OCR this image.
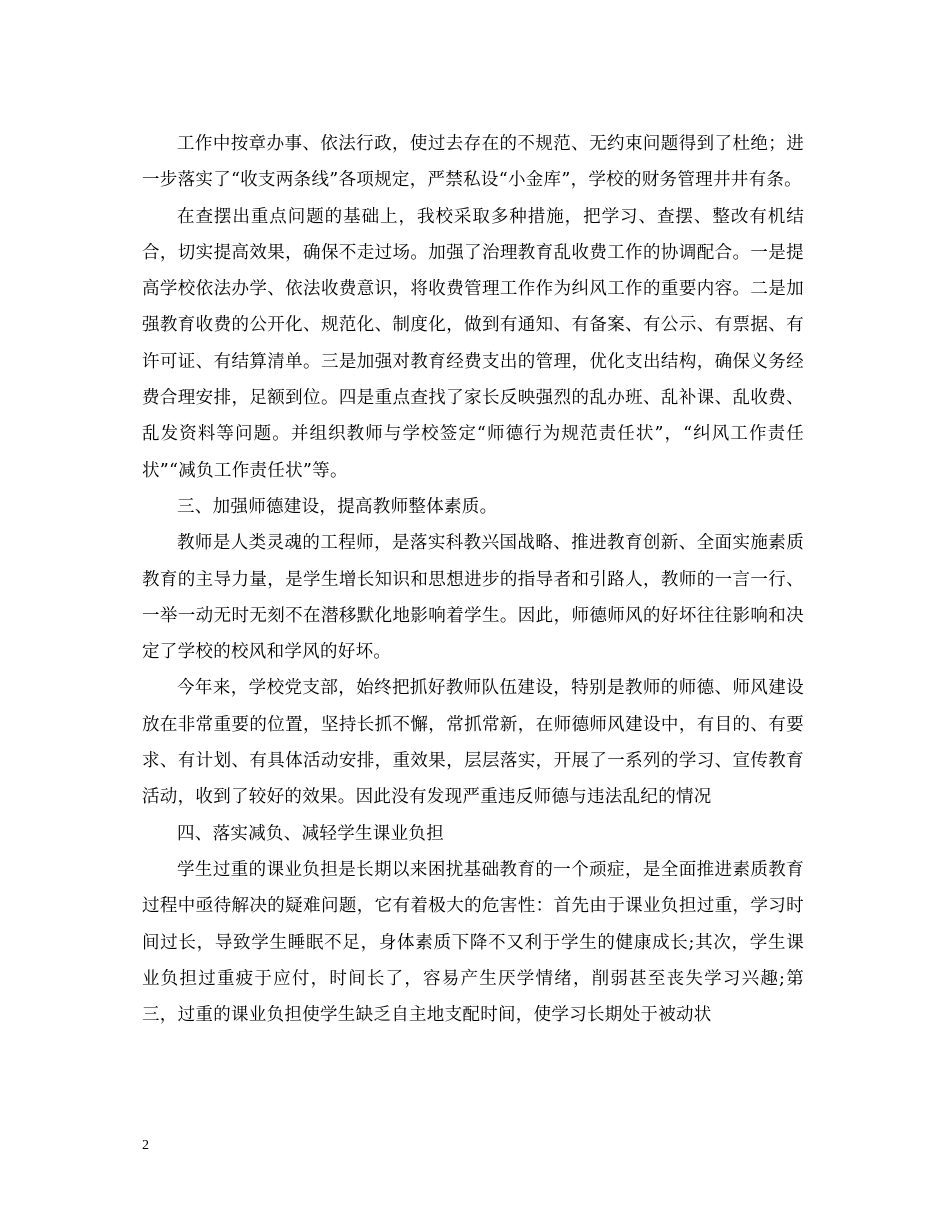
工作中按章办事、依法行政，使过去存在的不规范、无约束问题得到了杜绝；进一步落实了“收支两条线”各项规定，严禁私设“小金库”，学校的财务管理井井有条。

在查摆出重点问题的基础上，我校采取多种措施，把学习、查摆、整改有机结合，切实提高效果，确保不走过场。加强了治理教育乱收费工作的协调配合。一是提高学校依法办学、依法收费意识，将收费管理工作作为纠风工作的重要内容。二是加强教育收费的公开化、规范化、制度化，做到有通知、有备案、有公示、有票据、有许可证、有结算清单。三是加强对教育经费支出的管理，优化支出结构，确保义务经费合理安排，足额到位。四是重点查找了家长反映强烈的乱办班、乱补课、乱收费、乱发资料等问题。并组织教师与学校签定“师德行为规范责任状”，“纠风工作责任状”“减负工作责任状”等。

三、加强师德建设，提高教师整体素质。

教师是人类灵魂的工程师，是落实科教兴国战略、推进教育创新、全面实施素质教育的主导力量，是学生增长知识和思想进步的指导者和引路人，教师的一言一行、一举一动无时无刻不在潜移默化地影响着学生。因此，师德师风的好坏往往影响和决定了学校的校风和学风的好坏。

今年来，学校党支部，始终把抓好教师队伍建设，特别是教师的师德、师风建设放在非常重要的位置，坚持长抓不懈，常抓常新，在师德师风建设中，有目的、有要求、有计划、有具体活动安排，重效果，层层落实，开展了一系列的学习、宣传教育活动，收到了较好的效果。因此没有发现严重违反师德与违法乱纪的情况

四、落实减负、减轻学生课业负担

学生过重的课业负担是长期以来困扰基础教育的一个顽症，是全面推进素质教育过程中亟待解决的疑难问题，它有着极大的危害性：首先由于课业负担过重，学习时间过长，导致学生睡眠不足，身体素质下降不又利于学生的健康成长;其次，学生课业负担过重疲于应付，时间长了，容易产生厌学情绪，削弱甚至丧失学习兴趣;第三，过重的课业负担使学生缺乏自主地支配时间，使学习长期处于被动状

2
